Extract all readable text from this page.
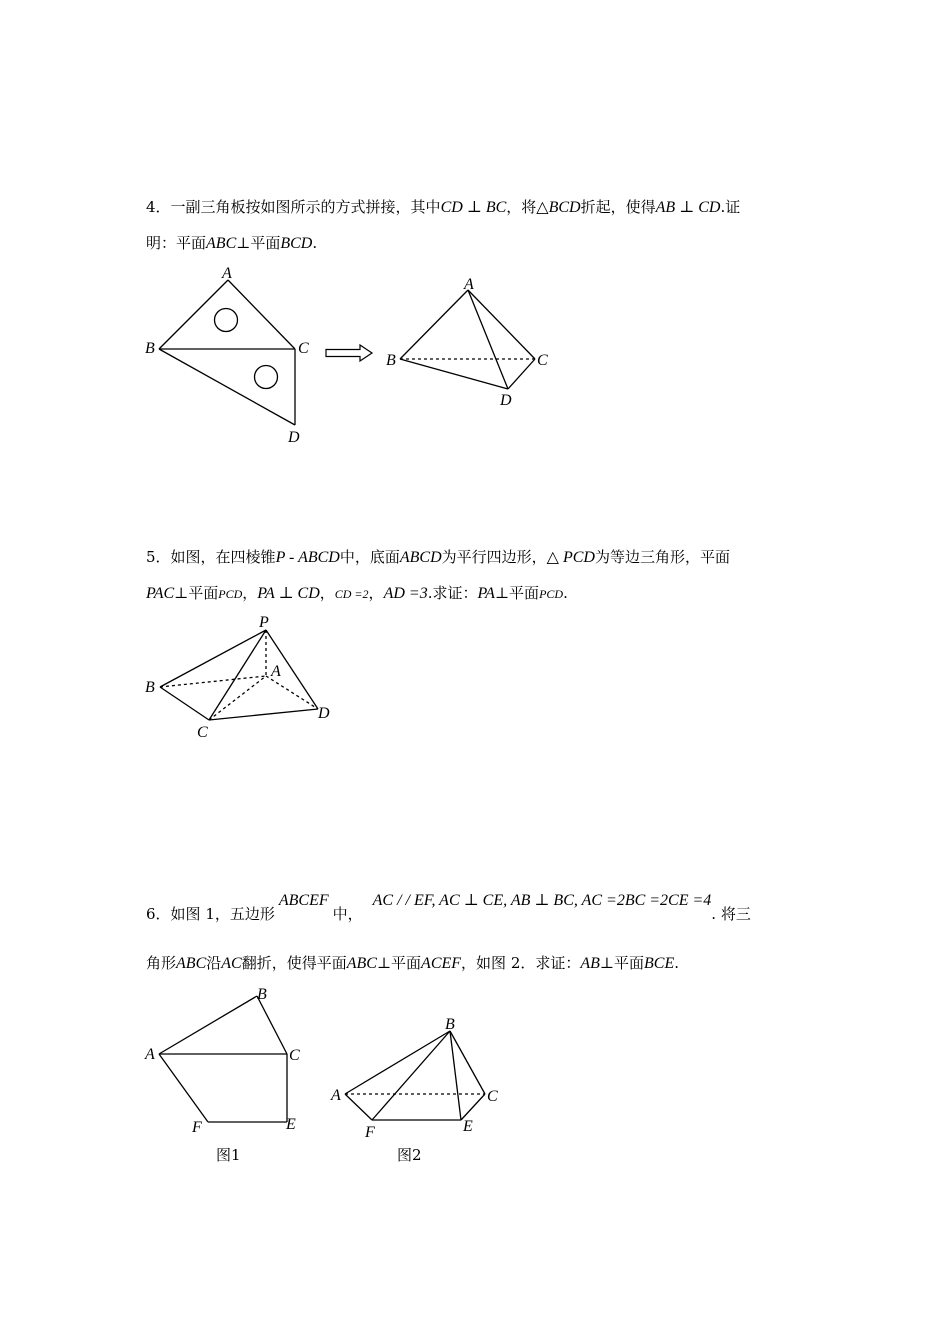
4．一副三角板按如图所示的方式拼接，其中CD ⊥ BC，将△BCD折起，使得AB ⊥ CD.证
明：平面ABC⊥平面BCD.
A
B	C
D
A
B	C
D
5．如图，在四棱锥P - ABCD中，底面ABCD为平行四边形，△ PCD为等边三角形，平面
PAC⊥平面PCD，PA ⊥ CD，CD =2，AD =3.求证：PA⊥平面PCD.
P
A
B
C
D
6．如图 1，五边形ABCEF中，AC / / EF, AC ⊥ CE, AB ⊥ BC, AC =2BC =2CE =4. 将三
角形ABC沿AC翻折，使得平面ABC⊥平面ACEF，如图 2．求证：AB⊥平面BCE.
A
B
C
E
F
图1
B
A	C
E
F
图2
